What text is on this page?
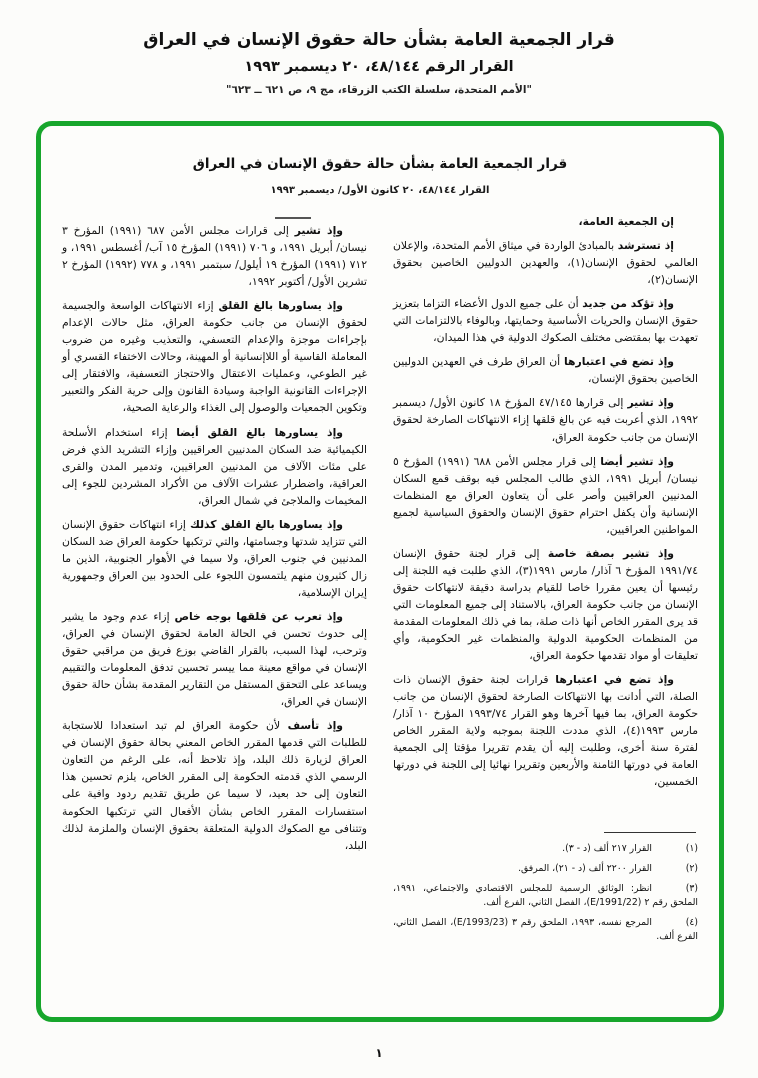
قرار الجمعية العامة بشأن حالة حقوق الإنسان في العراق
القرار الرقم ٤٨/١٤٤، ٢٠ ديسمبر ١٩٩٣
"الأمم المتحدة، سلسلة الكتب الزرقاء، مج ٩، ص ٦٢١ ــ ٦٢٣"
قرار الجمعية العامة بشأن حالة حقوق الإنسان في العراق
القرار ٤٨/١٤٤، ٢٠ كانون الأول/ ديسمبر ١٩٩٣

إن الجمعية العامة،

إذ تسترشد بالمبادئ الواردة في ميثاق الأمم المتحدة، والإعلان العالمي لحقوق الإنسان(١)، والعهدين الدوليين الخاصين بحقوق الإنسان(٢)،

وإذ تؤكد من جديد أن على جميع الدول الأعضاء التزاما بتعزيز حقوق الإنسان والحريات الأساسية وحمايتها، وبالوفاء بالالتزامات التي تعهدت بها بمقتضى مختلف الصكوك الدولية في هذا الميدان،

وإذ تضع في اعتبارها أن العراق طرف في العهدين الدوليين الخاصين بحقوق الإنسان،

وإذ تشير إلى قرارها ٤٧/١٤٥ المؤرخ ١٨ كانون الأول/ ديسمبر ١٩٩٢، الذي أعربت فيه عن بالغ قلقها إزاء الانتهاكات الصارخة لحقوق الإنسان من جانب حكومة العراق،

وإذ تشير أيضا إلى قرار مجلس الأمن ٦٨٨ (١٩٩١) المؤرخ ٥ نيسان/ أبريل ١٩٩١، الذي طالب المجلس فيه بوقف قمع السكان المدنيين العراقيين وأصر على أن يتعاون العراق مع المنظمات الإنسانية وأن يكفل احترام حقوق الإنسان والحقوق السياسية لجميع المواطنين العراقيين،

وإذ تشير بصفة خاصة إلى قرار لجنة حقوق الإنسان ١٩٩١/٧٤ المؤرخ ٦ آذار/ مارس ١٩٩١(٣)، الذي طلبت فيه اللجنة إلى رئيسها أن يعين مقررا خاصا للقيام بدراسة دقيقة لانتهاكات حقوق الإنسان من جانب حكومة العراق، بالاستناد إلى جميع المعلومات التي قد يرى المقرر الخاص أنها ذات صلة، بما في ذلك المعلومات المقدمة من المنظمات الحكومية الدولية والمنظمات غير الحكومية، وأي تعليقات أو مواد تقدمها حكومة العراق،

وإذ تضع في اعتبارها قرارات لجنة حقوق الإنسان ذات الصلة، التي أدانت بها الانتهاكات الصارخة لحقوق الإنسان من جانب حكومة العراق، بما فيها آخرها وهو القرار ١٩٩٣/٧٤ المؤرخ ١٠ آذار/ مارس ١٩٩٣(٤)، الذي مددت اللجنة بموجبه ولاية المقرر الخاص لفترة سنة أخرى، وطلبت إليه أن يقدم تقريرا مؤقتا إلى الجمعية العامة في دورتها الثامنة والأربعين وتقريرا نهائيا إلى اللجنة في دورتها الخمسين،

(١)القرار ٢١٧ ألف (د - ٣).
(٢)القرار ٢٢٠٠ ألف (د - ٢١)، المرفق.
(٣)انظر: الوثائق الرسمية للمجلس الاقتصادي والاجتماعي، ١٩٩١، الملحق رقم ٢ (E/1991/22)، الفصل الثاني، الفرع ألف.
(٤)المرجع نفسه، ١٩٩٣، الملحق رقم ٣ (E/1993/23)، الفصل الثاني، الفرع ألف.

وإذ تشير إلى قرارات مجلس الأمن ٦٨٧ (١٩٩١) المؤرخ ٣ نيسان/ أبريل ١٩٩١، و ٧٠٦ (١٩٩١) المؤرخ ١٥ آب/ أغسطس ١٩٩١، و ٧١٢ (١٩٩١) المؤرخ ١٩ أيلول/ سبتمبر ١٩٩١، و ٧٧٨ (١٩٩٢) المؤرخ ٢ تشرين الأول/ أكتوبر ١٩٩٢،

وإذ يساورها بالغ القلق إزاء الانتهاكات الواسعة والجسيمة لحقوق الإنسان من جانب حكومة العراق، مثل حالات الإعدام بإجراءات موجزة والإعدام التعسفي، والتعذيب وغيره من ضروب المعاملة القاسية أو اللاإنسانية أو المهينة، وحالات الاختفاء القسري أو غير الطوعي، وعمليات الاعتقال والاحتجاز التعسفية، والافتقار إلى الإجراءات القانونية الواجبة وسيادة القانون وإلى حرية الفكر والتعبير وتكوين الجمعيات والوصول إلى الغذاء والرعاية الصحية،

وإذ يساورها بالغ القلق أيضا إزاء استخدام الأسلحة الكيميائية ضد السكان المدنيين العراقيين وإزاء التشريد الذي فرض على مئات الآلاف من المدنيين العراقيين، وتدمير المدن والقرى العراقية، واضطرار عشرات الآلاف من الأكراد المشردين للجوء إلى المخيمات والملاجئ في شمال العراق،

وإذ يساورها بالغ القلق كذلك إزاء انتهاكات حقوق الإنسان التي تتزايد شدتها وجسامتها، والتي ترتكبها حكومة العراق ضد السكان المدنيين في جنوب العراق، ولا سيما في الأهوار الجنوبية، الذين ما زال كثيرون منهم يلتمسون اللجوء على الحدود بين العراق وجمهورية إيران الإسلامية،

وإذ تعرب عن قلقها بوجه خاص إزاء عدم وجود ما يشير إلى حدوث تحسن في الحالة العامة لحقوق الإنسان في العراق، وترحب، لهذا السبب، بالقرار القاضي بوزع فريق من مراقبي حقوق الإنسان في مواقع معينة مما ييسر تحسين تدفق المعلومات والتقييم ويساعد على التحقق المستقل من التقارير المقدمة بشأن حالة حقوق الإنسان في العراق،

وإذ تأسف لأن حكومة العراق لم تبد استعدادا للاستجابة للطلبات التي قدمها المقرر الخاص المعني بحالة حقوق الإنسان في العراق لزيارة ذلك البلد، وإذ تلاحظ أنه، على الرغم من التعاون الرسمي الذي قدمته الحكومة إلى المقرر الخاص، يلزم تحسين هذا التعاون إلى حد بعيد، لا سيما عن طريق تقديم ردود وافية على استفسارات المقرر الخاص بشأن الأفعال التي ترتكبها الحكومة وتتنافى مع الصكوك الدولية المتعلقة بحقوق الإنسان والملزمة لذلك البلد،

١
